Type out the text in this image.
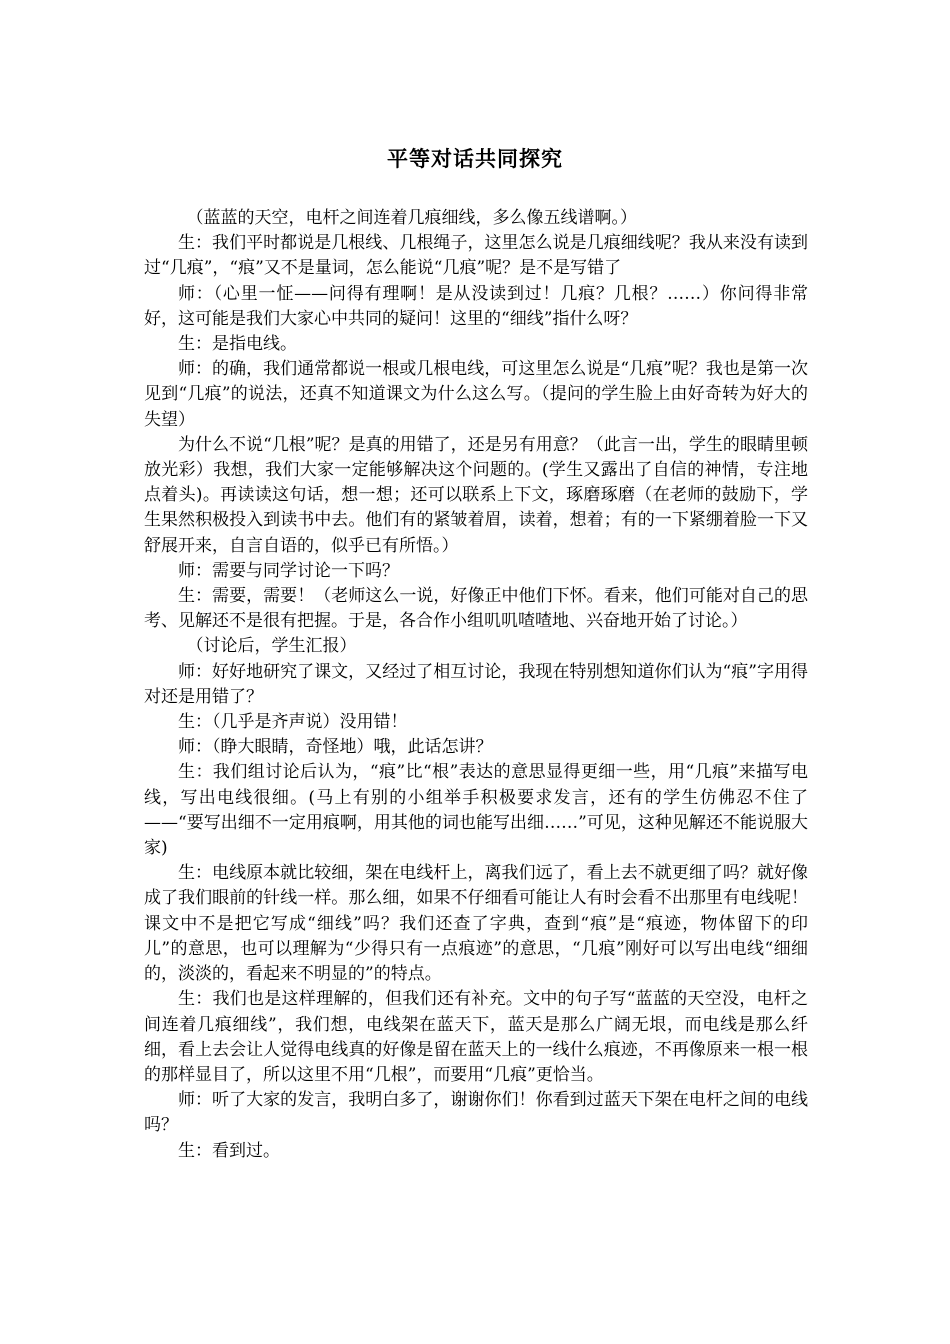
平等对话共同探究

（蓝蓝的天空，电杆之间连着几痕细线，多么像五线谱啊。）

生：我们平时都说是几根线、几根绳子，这里怎么说是几痕细线呢？我从来没有读到过“几痕”，“痕”又不是量词，怎么能说“几痕”呢？是不是写错了

师：（心里一怔——问得有理啊！是从没读到过！几痕？几根？……）你问得非常好，这可能是我们大家心中共同的疑问！这里的“细线”指什么呀？

生：是指电线。

师：的确，我们通常都说一根或几根电线，可这里怎么说是“几痕”呢？我也是第一次见到“几痕”的说法，还真不知道课文为什么这么写。（提问的学生脸上由好奇转为好大的失望）

为什么不说“几根”呢？是真的用错了，还是另有用意？（此言一出，学生的眼睛里顿放光彩）我想，我们大家一定能够解决这个问题的。(学生又露出了自信的神情，专注地点着头)。再读读这句话，想一想；还可以联系上下文，琢磨琢磨（在老师的鼓励下，学生果然积极投入到读书中去。他们有的紧皱着眉，读着，想着；有的一下紧绷着脸一下又舒展开来，自言自语的，似乎已有所悟。）

师：需要与同学讨论一下吗？

生：需要，需要！（老师这么一说，好像正中他们下怀。看来，他们可能对自己的思考、见解还不是很有把握。于是，各合作小组叽叽喳喳地、兴奋地开始了讨论。）

（讨论后，学生汇报）

师：好好地研究了课文，又经过了相互讨论，我现在特别想知道你们认为“痕”字用得对还是用错了？

生：（几乎是齐声说）没用错！

师：（睁大眼睛，奇怪地）哦，此话怎讲？

生：我们组讨论后认为，“痕”比“根”表达的意思显得更细一些，用“几痕”来描写电线，写出电线很细。(马上有别的小组举手积极要求发言，还有的学生仿佛忍不住了——“要写出细不一定用痕啊，用其他的词也能写出细……”可见，这种见解还不能说服大家)

生：电线原本就比较细，架在电线杆上，离我们远了，看上去不就更细了吗？就好像成了我们眼前的针线一样。那么细，如果不仔细看可能让人有时会看不出那里有电线呢！课文中不是把它写成“细线”吗？我们还查了字典，查到“痕”是“痕迹，物体留下的印儿”的意思，也可以理解为“少得只有一点痕迹”的意思，“几痕”刚好可以写出电线“细细的，淡淡的，看起来不明显的”的特点。

生：我们也是这样理解的，但我们还有补充。文中的句子写“蓝蓝的天空没，电杆之间连着几痕细线”，我们想，电线架在蓝天下，蓝天是那么广阔无垠，而电线是那么纤细，看上去会让人觉得电线真的好像是留在蓝天上的一线什么痕迹，不再像原来一根一根的那样显目了，所以这里不用“几根”，而要用“几痕”更恰当。

师：听了大家的发言，我明白多了，谢谢你们！你看到过蓝天下架在电杆之间的电线吗？

生：看到过。
